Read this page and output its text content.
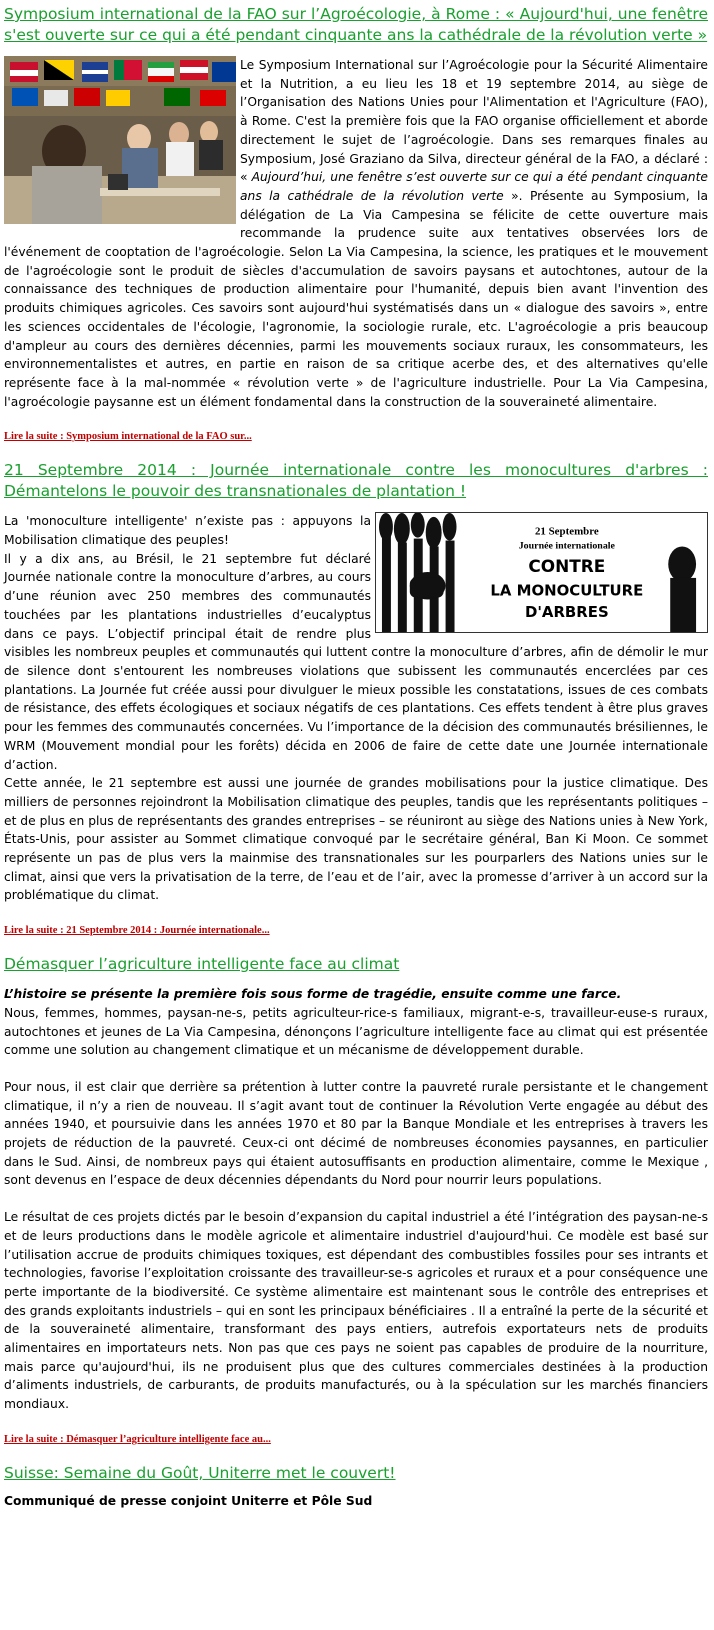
Symposium international de la FAO sur l’Agroécologie, à Rome : « Aujourd'hui, une fenêtre s'est ouverte sur ce qui a été pendant cinquante ans la cathédrale de la révolution verte »

Le Symposium International sur l’Agroécologie pour la Sécurité Alimentaire et la Nutrition, a eu lieu les 18 et 19 septembre 2014, au siège de l’Organisation des Nations Unies pour l'Alimentation et l'Agriculture (FAO), à Rome. C'est la première fois que la FAO organise officiellement et aborde directement le sujet de l’agroécologie. Dans ses remarques finales au Symposium, José Graziano da Silva, directeur général de la FAO, a déclaré : « Aujourd’hui, une fenêtre s’est ouverte sur ce qui a été pendant cinquante ans la cathédrale de la révolution verte ». Présente au Symposium, la délégation de La Via Campesina se félicite de cette ouverture mais recommande la prudence suite aux tentatives observées lors de l'événement de cooptation de l'agroécologie. Selon La Via Campesina, la science, les pratiques et le mouvement de l'agroécologie sont le produit de siècles d'accumulation de savoirs paysans et autochtones, autour de la connaissance des techniques de production alimentaire pour l'humanité, depuis bien avant l'invention des produits chimiques agricoles. Ces savoirs sont aujourd'hui systématisés dans un « dialogue des savoirs », entre les sciences occidentales de l'écologie, l'agronomie, la sociologie rurale, etc. L'agroécologie a pris beaucoup d'ampleur au cours des dernières décennies, parmi les mouvements sociaux ruraux, les consommateurs, les environnementalistes et autres, en partie en raison de sa critique acerbe des, et des alternatives qu'elle représente face à la mal-nommée « révolution verte » de l'agriculture industrielle. Pour La Via Campesina, l'agroécologie paysanne est un élément fondamental dans la construction de la souveraineté alimentaire.

Lire la suite : Symposium international de la FAO sur...
21 Septembre 2014 : Journée internationale contre les monocultures d'arbres : Démantelons le pouvoir des transnationales de plantation !
21 Septembre
Journée internationale
CONTRE
LA MONOCULTURE
D'ARBRES

La 'monoculture intelligente' n’existe pas : appuyons la Mobilisation climatique des peuples!

Il y a dix ans, au Brésil, le 21 septembre fut déclaré Journée nationale contre la monoculture d’arbres, au cours d’une réunion avec 250 membres des communautés touchées par les plantations industrielles d’eucalyptus dans ce pays. L’objectif principal était de rendre plus visibles les nombreux peuples et communautés qui luttent contre la monoculture d’arbres, afin de démolir le mur de silence dont s'entourent les nombreuses violations que subissent les communautés encerclées par ces plantations. La Journée fut créée aussi pour divulguer le mieux possible les constatations, issues de ces combats de résistance, des effets écologiques et sociaux négatifs de ces plantations. Ces effets tendent à être plus graves pour les femmes des communautés concernées. Vu l’importance de la décision des communautés brésiliennes, le WRM (Mouvement mondial pour les forêts) décida en 2006 de faire de cette date une Journée internationale d’action.

Cette année, le 21 septembre est aussi une journée de grandes mobilisations pour la justice climatique. Des milliers de personnes rejoindront la Mobilisation climatique des peuples, tandis que les représentants politiques – et de plus en plus de représentants des grandes entreprises – se réuniront au siège des Nations unies à New York, États-Unis, pour assister au Sommet climatique convoqué par le secrétaire général, Ban Ki Moon. Ce sommet représente un pas de plus vers la mainmise des transnationales sur les pourparlers des Nations unies sur le climat, ainsi que vers la privatisation de la terre, de l’eau et de l’air, avec la promesse d’arriver à un accord sur la problématique du climat.

Lire la suite : 21 Septembre 2014 : Journée internationale...
Démasquer l’agriculture intelligente face au climat

L’histoire se présente la première fois sous forme de tragédie, ensuite comme une farce.

Nous, femmes, hommes, paysan-ne-s, petits agriculteur-rice-s familiaux, migrant-e-s, travailleur-euse-s ruraux, autochtones et jeunes de La Via Campesina, dénonçons l’agriculture intelligente face au climat qui est présentée comme une solution au changement climatique et un mécanisme de développement durable.

Pour nous, il est clair que derrière sa prétention à lutter contre la pauvreté rurale persistante et le changement climatique, il n’y a rien de nouveau. Il s’agit avant tout de continuer la Révolution Verte engagée au début des années 1940, et poursuivie dans les années 1970 et 80 par la Banque Mondiale et les entreprises à travers les projets de réduction de la pauvreté. Ceux-ci ont décimé de nombreuses économies paysannes, en particulier dans le Sud. Ainsi, de nombreux pays qui étaient autosuffisants en production alimentaire, comme le Mexique , sont devenus en l’espace de deux décennies dépendants du Nord pour nourrir leurs populations.

Le résultat de ces projets dictés par le besoin d’expansion du capital industriel a été l’intégration des paysan-ne-s et de leurs productions dans le modèle agricole et alimentaire industriel d'aujourd'hui. Ce modèle est basé sur l’utilisation accrue de produits chimiques toxiques, est dépendant des combustibles fossiles pour ses intrants et technologies, favorise l’exploitation croissante des travailleur-se-s agricoles et ruraux et a pour conséquence une perte importante de la biodiversité. Ce système alimentaire est maintenant sous le contrôle des entreprises et des grands exploitants industriels – qui en sont les principaux bénéficiaires . Il a entraîné la perte de la sécurité et de la souveraineté alimentaire, transformant des pays entiers, autrefois exportateurs nets de produits alimentaires en importateurs nets. Non pas que ces pays ne soient pas capables de produire de la nourriture, mais parce qu'aujourd'hui, ils ne produisent plus que des cultures commerciales destinées à la production d’aliments industriels, de carburants, de produits manufacturés, ou à la spéculation sur les marchés financiers mondiaux.

Lire la suite : Démasquer l’agriculture intelligente face au...
Suisse: Semaine du Goût, Uniterre met le couvert!
Communiqué de presse conjoint Uniterre et Pôle Sud
